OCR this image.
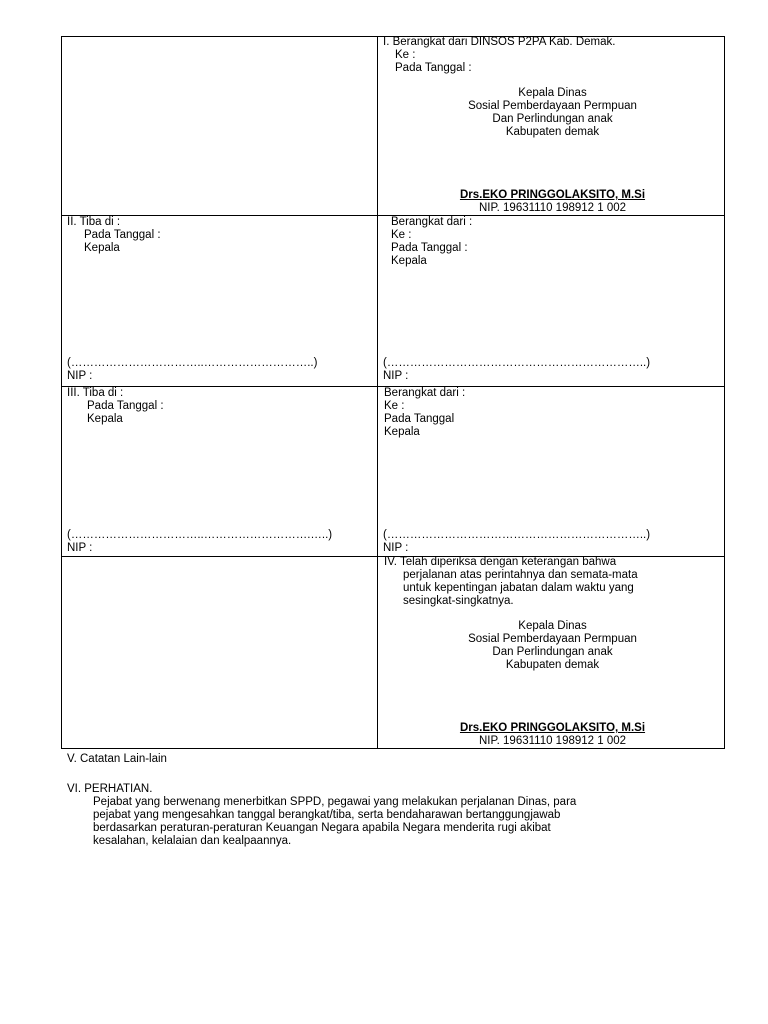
I. Berangkat dari DINSOS P2PA Kab. Demak.
Ke :
Pada Tanggal :
Kepala Dinas
Sosial Pemberdayaan Permpuan
Dan Perlindungan anak
Kabupaten demak
Drs.EKO PRINGGOLAKSITO, M.Si
NIP. 19631110 198912 1 002
II. Tiba di :
Pada Tanggal :
Kepala
(……………………………..………………………..)
NIP :
Berangkat dari :
Ke :
Pada Tanggal :
Kepala
(…………………………………………………………..)
NIP :
III. Tiba di :
Pada Tanggal :
Kepala
(……………………………..……………………….…..)
NIP :
Berangkat dari :
Ke :
Pada Tanggal
Kepala
(…………………………………………………………..)
NIP :
IV. Telah diperiksa dengan keterangan bahwa
perjalanan atas perintahnya dan semata-mata
untuk kepentingan jabatan dalam waktu yang
sesingkat-singkatnya.
Kepala Dinas
Sosial Pemberdayaan Permpuan
Dan Perlindungan anak
Kabupaten demak
Drs.EKO PRINGGOLAKSITO, M.Si
NIP. 19631110 198912 1 002
V. Catatan Lain-lain
VI. PERHATIAN.
Pejabat yang berwenang menerbitkan SPPD, pegawai yang melakukan perjalanan Dinas, para
pejabat yang mengesahkan tanggal berangkat/tiba, serta bendaharawan bertanggungjawab
berdasarkan peraturan-peraturan Keuangan Negara apabila Negara menderita rugi akibat
kesalahan, kelalaian dan kealpaannya.
